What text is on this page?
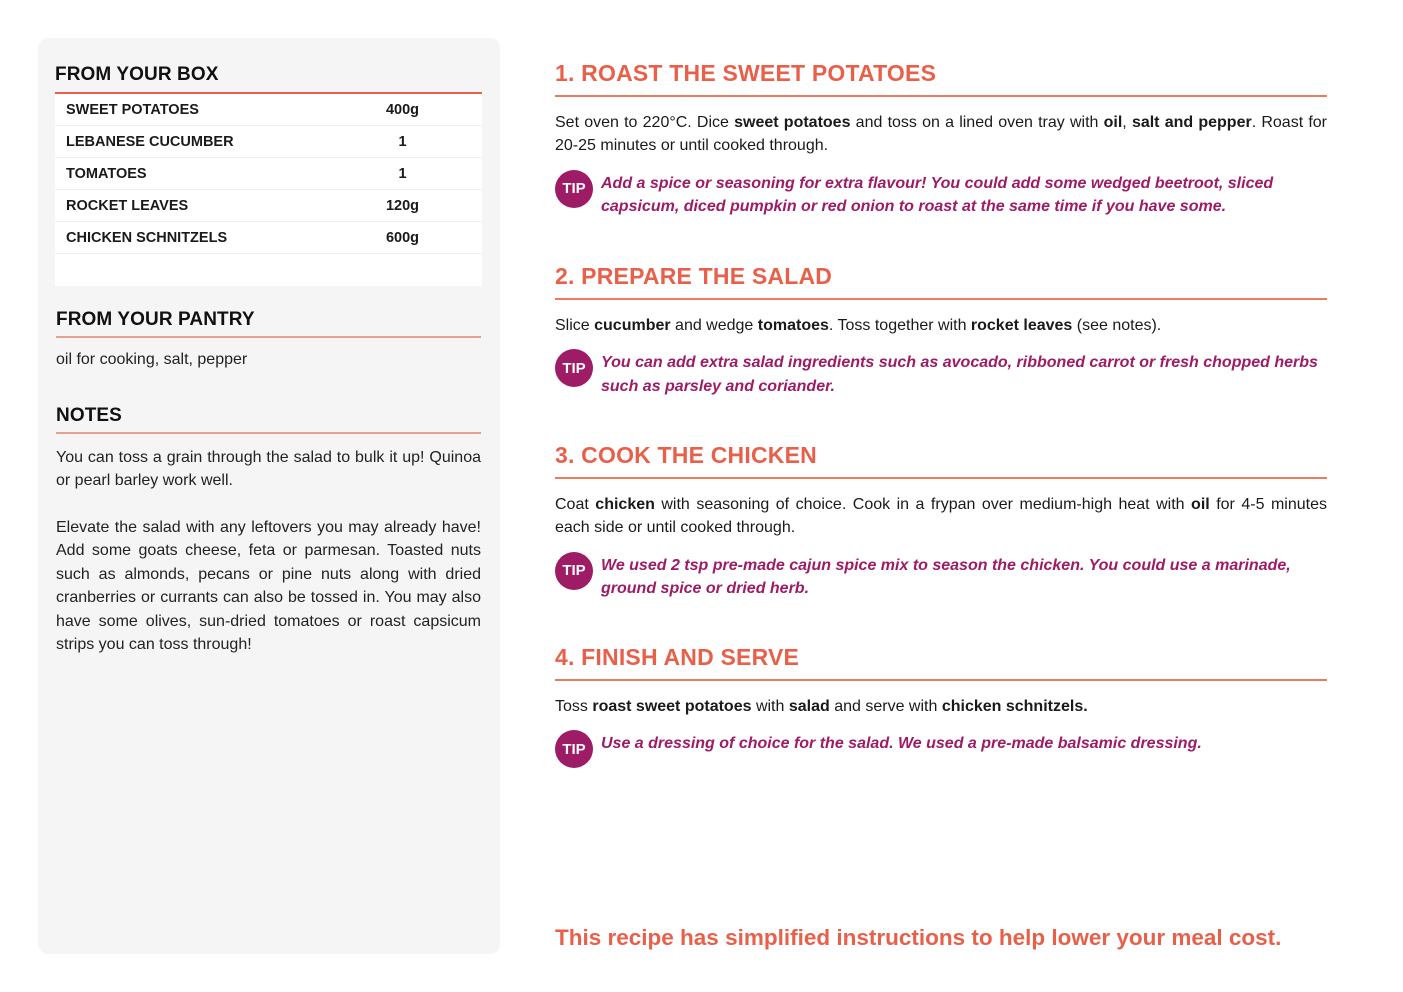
FROM YOUR BOX
SWEET POTATOES	400g
LEBANESE CUCUMBER	1
TOMATOES	1
ROCKET LEAVES	120g
CHICKEN SCHNITZELS	600g
FROM YOUR PANTRY
oil for cooking, salt, pepper
NOTES

You can toss a grain through the salad to bulk it up! Quinoa or pearl barley work well.

Elevate the salad with any leftovers you may already have! Add some goats cheese, feta or parmesan. Toasted nuts such as almonds, pecans or pine nuts along with dried cranberries or currants can also be tossed in. You may also have some olives, sun-dried tomatoes or roast capsicum strips you can toss through!

1. ROAST THE SWEET POTATOES

Set oven to 220°C. Dice sweet potatoes and toss on a lined oven tray with oil, salt and pepper. Roast for 20-25 minutes or until cooked through.

TIP Add a spice or seasoning for extra flavour! You could add some wedged beetroot, sliced capsicum, diced pumpkin or red onion to roast at the same time if you have some.

2. PREPARE THE SALAD

Slice cucumber and wedge tomatoes. Toss together with rocket leaves (see notes).

TIP You can add extra salad ingredients such as avocado, ribboned carrot or fresh chopped herbs such as parsley and coriander.

3. COOK THE CHICKEN

Coat chicken with seasoning of choice. Cook in a frypan over medium-high heat with oil for 4-5 minutes each side or until cooked through.

TIP We used 2 tsp pre-made cajun spice mix to season the chicken. You could use a marinade, ground spice or dried herb.

4. FINISH AND SERVE

Toss roast sweet potatoes with salad and serve with chicken schnitzels.

TIP Use a dressing of choice for the salad. We used a pre-made balsamic dressing.

This recipe has simplified instructions to help lower your meal cost.
